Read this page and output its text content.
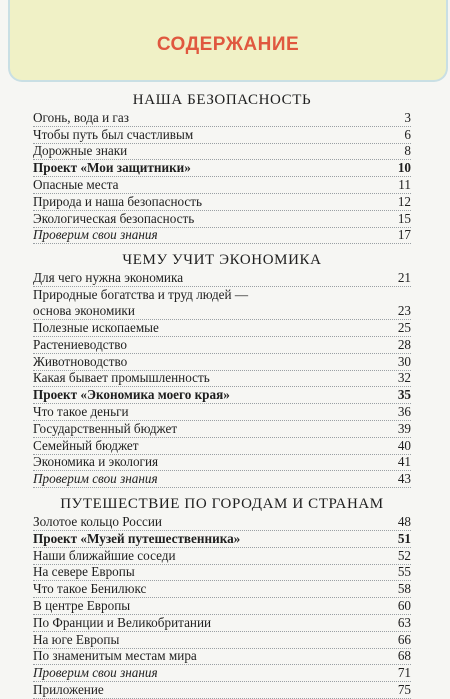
СОДЕРЖАНИЕ
НАША БЕЗОПАСНОСТЬ
Огонь, вода и газ	3
Чтобы путь был счастливым	6
Дорожные знаки	8
Проект «Мои защитники»	10
Опасные места	11
Природа и наша безопасность	12
Экологическая безопасность	15
Проверим свои знания	17
ЧЕМУ УЧИТ ЭКОНОМИКА
Для чего нужна экономика	21
Природные богатства и труд людей —
основа экономики	23
Полезные ископаемые	25
Растениеводство	28
Животноводство	30
Какая бывает промышленность	32
Проект «Экономика моего края»	35
Что такое деньги	36
Государственный бюджет	39
Семейный бюджет	40
Экономика и экология	41
Проверим свои знания	43
ПУТЕШЕСТВИЕ ПО ГОРОДАМ И СТРАНАМ
Золотое кольцо России	48
Проект «Музей путешественника»	51
Наши ближайшие соседи	52
На севере Европы	55
Что такое Бенилюкс	58
В центре Европы	60
По Франции и Великобритании	63
На юге Европы	66
По знаменитым местам мира	68
Проверим свои знания	71
Приложение	75
